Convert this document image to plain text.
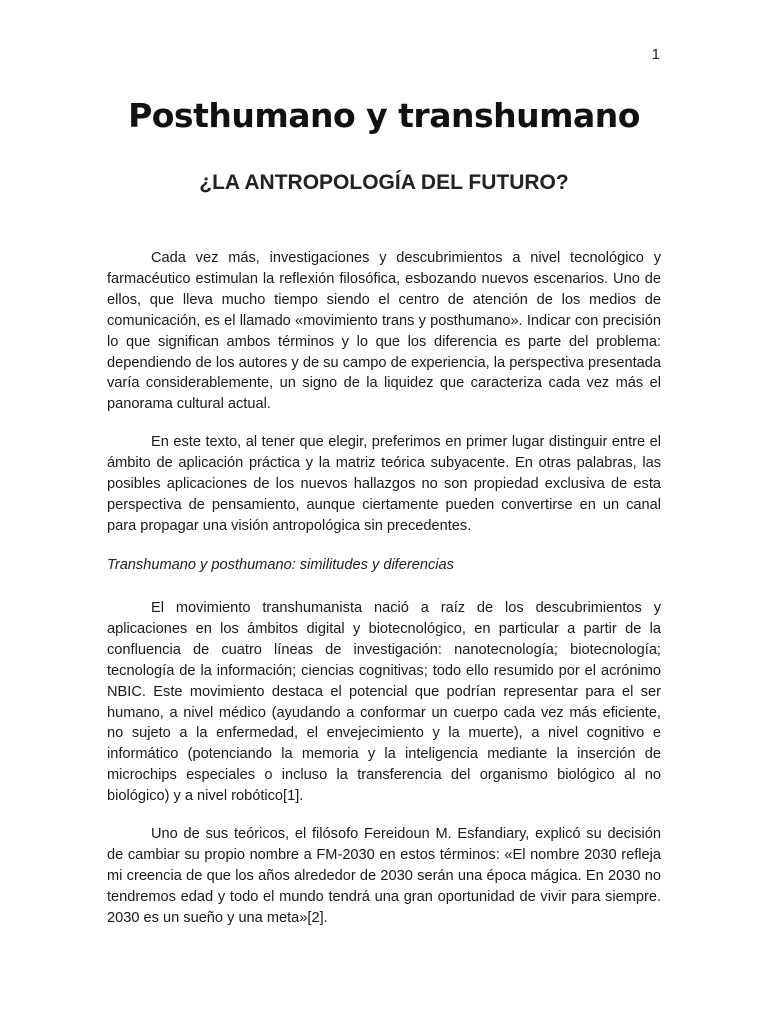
1
Posthumano y transhumano
¿LA ANTROPOLOGÍA DEL FUTURO?

Cada vez más, investigaciones y descubrimientos a nivel tecnológico y farmacéutico estimulan la reflexión filosófica, esbozando nuevos escenarios. Uno de ellos, que lleva mucho tiempo siendo el centro de atención de los medios de comunicación, es el llamado «movimiento trans y posthumano». Indicar con precisión lo que significan ambos términos y lo que los diferencia es parte del problema: dependiendo de los autores y de su campo de experiencia, la perspectiva presentada varía considerablemente, un signo de la liquidez que caracteriza cada vez más el panorama cultural actual.

En este texto, al tener que elegir, preferimos en primer lugar distinguir entre el ámbito de aplicación práctica y la matriz teórica subyacente. En otras palabras, las posibles aplicaciones de los nuevos hallazgos no son propiedad exclusiva de esta perspectiva de pensamiento, aunque ciertamente pueden convertirse en un canal para propagar una visión antropológica sin precedentes.

Transhumano y posthumano: similitudes y diferencias

El movimiento transhumanista nació a raíz de los descubrimientos y aplicaciones en los ámbitos digital y biotecnológico, en particular a partir de la confluencia de cuatro líneas de investigación: nanotecnología; biotecnología; tecnología de la información; ciencias cognitivas; todo ello resumido por el acrónimo NBIC. Este movimiento destaca el potencial que podrían representar para el ser humano, a nivel médico (ayudando a conformar un cuerpo cada vez más eficiente, no sujeto a la enfermedad, el envejecimiento y la muerte), a nivel cognitivo e informático (potenciando la memoria y la inteligencia mediante la inserción de microchips especiales o incluso la transferencia del organismo biológico al no biológico) y a nivel robótico[1].

Uno de sus teóricos, el filósofo Fereidoun M. Esfandiary, explicó su decisión de cambiar su propio nombre a FM-2030 en estos términos: «El nombre 2030 refleja mi creencia de que los años alrededor de 2030 serán una época mágica. En 2030 no tendremos edad y todo el mundo tendrá una gran oportunidad de vivir para siempre. 2030 es un sueño y una meta»[2].
